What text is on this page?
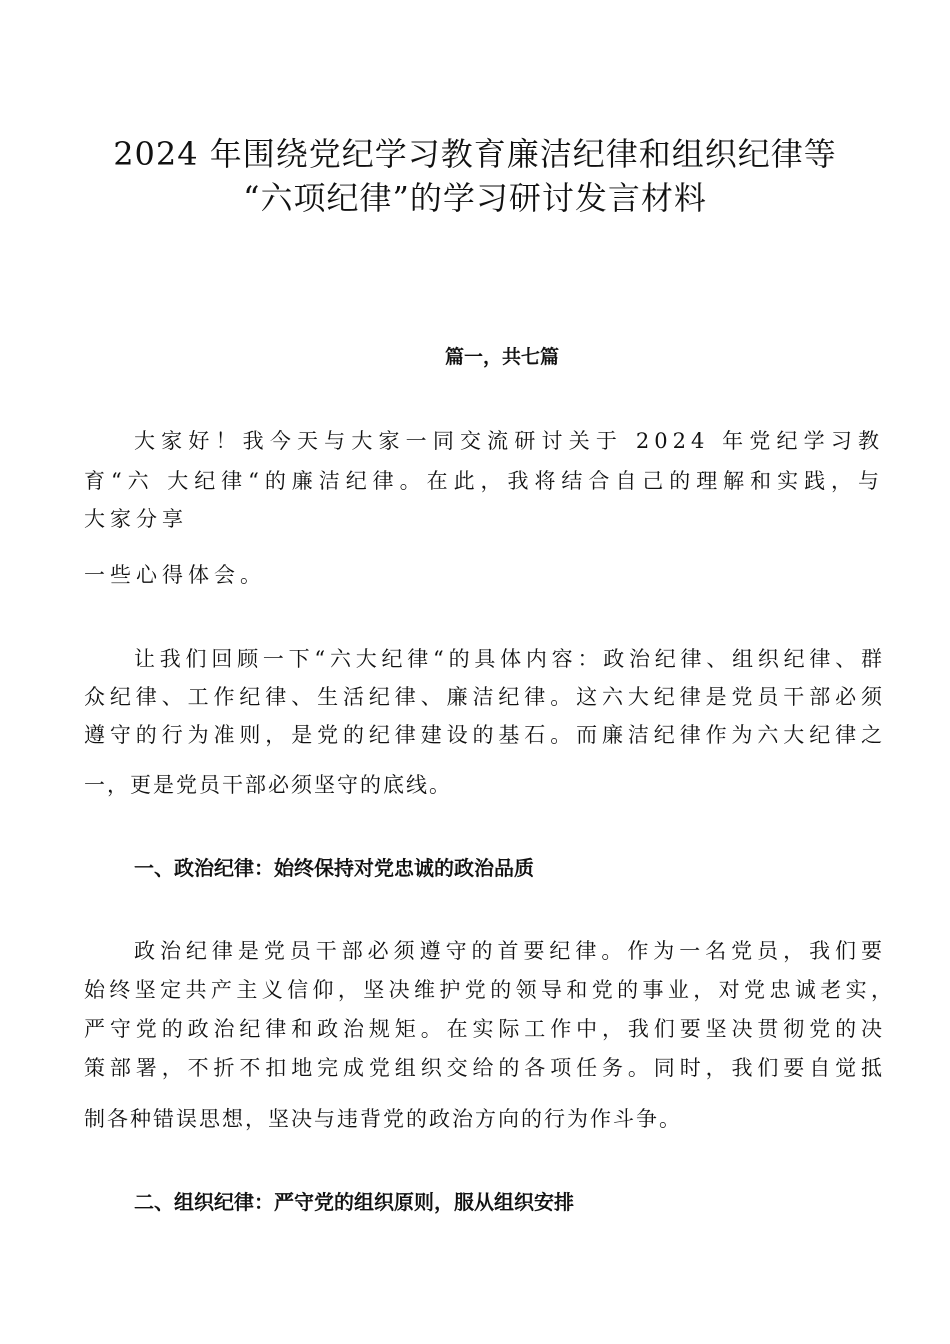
2024 年围绕党纪学习教育廉洁纪律和组织纪律等
“六项纪律”的学习研讨发言材料

篇一，共七篇

大家好！我今天与大家一同交流研讨关于 2024 年党纪学习教

育“六 大纪律“的廉洁纪律。在此，我将结合自己的理解和实践，与

大家分享

一些心得体会。

让我们回顾一下“六大纪律“的具体内容：政治纪律、组织纪律、群

众纪律、工作纪律、生活纪律、廉洁纪律。这六大纪律是党员干部必须

遵守的行为准则，是党的纪律建设的基石。而廉洁纪律作为六大纪律之

一，更是党员干部必须坚守的底线。

一、政治纪律：始终保持对党忠诚的政治品质

政治纪律是党员干部必须遵守的首要纪律。作为一名党员，我们要

始终坚定共产主义信仰，坚决维护党的领导和党的事业，对党忠诚老实，

严守党的政治纪律和政治规矩。在实际工作中，我们要坚决贯彻党的决

策部署，不折不扣地完成党组织交给的各项任务。同时，我们要自觉抵

制各种错误思想，坚决与违背党的政治方向的行为作斗争。

二、组织纪律：严守党的组织原则，服从组织安排
